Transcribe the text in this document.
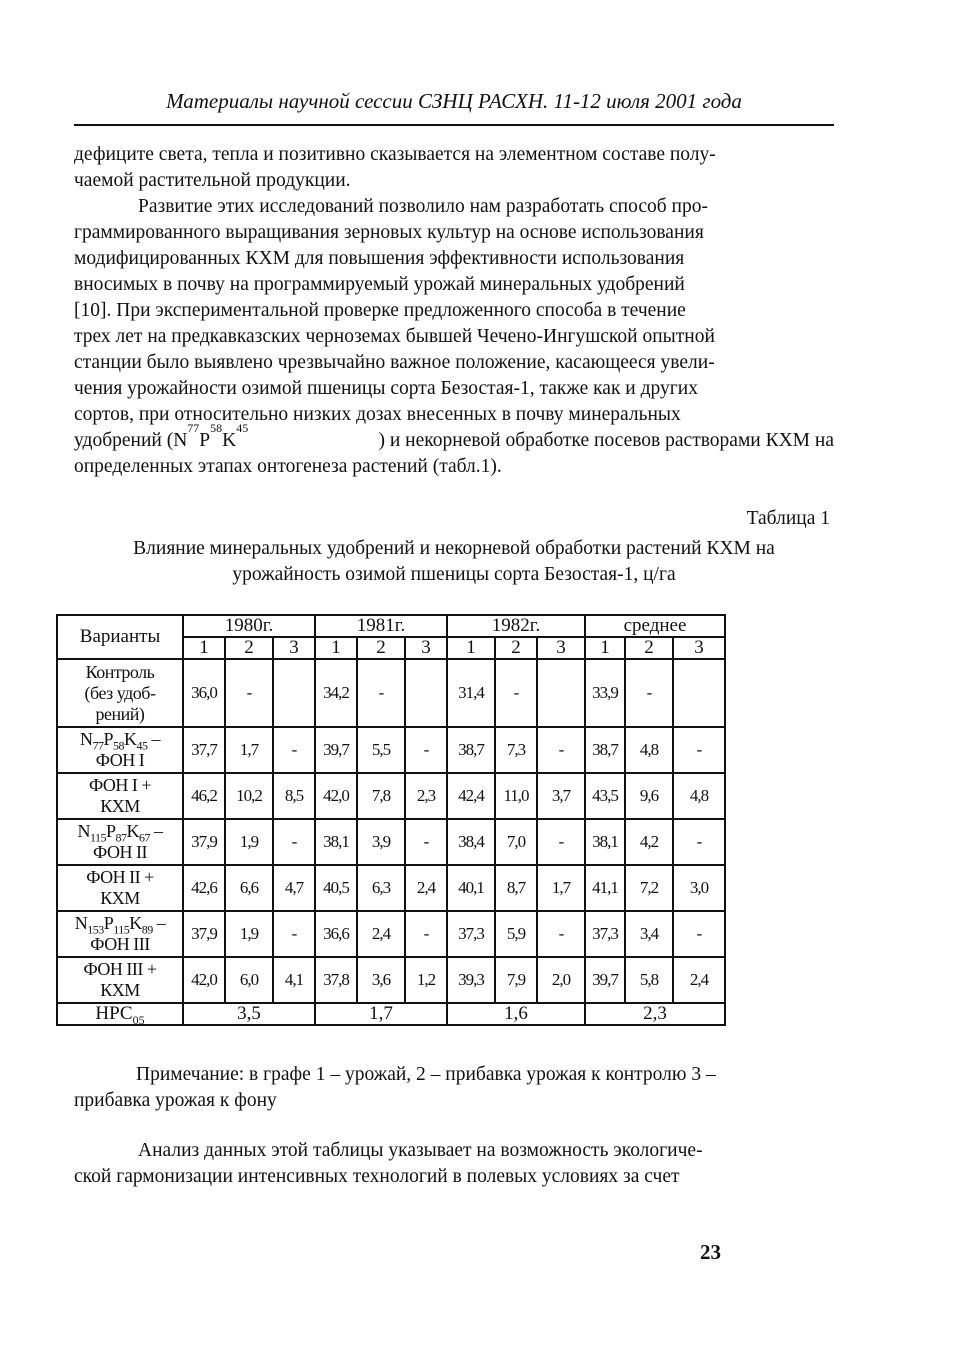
Материалы научной сессии СЗНЦ РАСХН. 11-12 июля 2001 года
дефиците света, тепла и позитивно сказывается на элементном составе полу-
чаемой растительной продукции.
Развитие этих исследований позволило нам разработать способ про-
граммированного выращивания зерновых культур на основе использования
модифицированных КХМ для повышения эффективности использования
вносимых в почву на программируемый урожай минеральных удобрений
[10]. При экспериментальной проверке предложенного способа в течение
трех лет на предкавказских черноземах бывшей Чечено-Ингушской опытной
станции было выявлено чрезвычайно важное положение, касающееся увели-
чения урожайности озимой пшеницы сорта Безостая-1, также как и других
сортов, при относительно низких дозах внесенных в почву минеральных
удобрений (N
77
P
58
K
45
) и некорневой обработке посевов растворами КХМ на
определенных этапах онтогенеза растений (табл.1).
Таблица 1
Влияние минеральных удобрений и некорневой обработки растений КХМ на
урожайность озимой пшеницы сорта Безостая-1, ц/га
Варианты	1980г.			1981г.			1982г.			среднее		
	1	2	3	1	2	3	1	2	3	1	2	3

Контроль
(без удоб-
рений)	36,0	-		34,2	-		31,4	-		33,9	-	

$N_{77}P_{58}K_{45}$ –
ФОН I	37,7	1,7	-	39,7	5,5	-	38,7	7,3	-	38,7	4,8	-

ФОН I +
КХМ	46,2	10,2	8,5	42,0	7,8	2,3	42,4	11,0	3,7	43,5	9,6	4,8

$N_{115}P_{87}K_{67}$ –
ФОН II	37,9	1,9	-	38,1	3,9	-	38,4	7,0	-	38,1	4,2	-

ФОН II +
КХМ	42,6	6,6	4,7	40,5	6,3	2,4	40,1	8,7	1,7	41,1	7,2	3,0

$N_{153}P_{115}K_{89}$ –
ФОН III	37,9	1,9	-	36,6	2,4	-	37,3	5,9	-	37,3	3,4	-

ФОН III +
КХМ	42,0	6,0	4,1	37,8	3,6	1,2	39,3	7,9	2,0	39,7	5,8	2,4
$НРС_{05}$	3,5			1,7			1,6			2,3		
Примечание: в графе 1 – урожай, 2 – прибавка урожая к контролю 3 –
прибавка урожая к фону
Анализ данных этой таблицы указывает на возможность экологиче-
ской гармонизации интенсивных технологий в полевых условиях за счет
23
